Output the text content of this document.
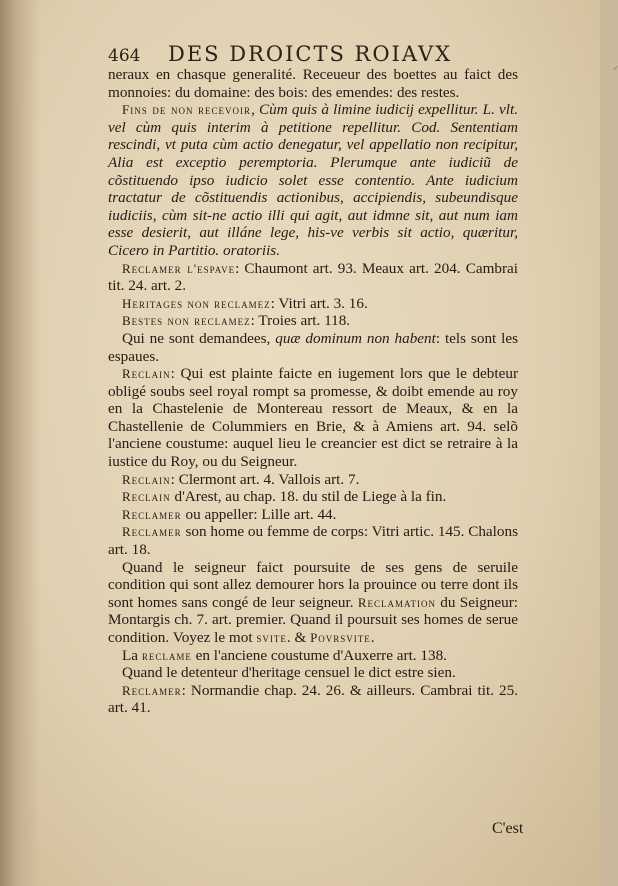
464 DES DROICTS ROIAVX
⸝

neraux en chasque generalité. Receueur des boettes au faict des monnoies: du domaine: des bois: des emendes: des restes.

Fins de non recevoir, Cùm quis à limine iudicij expellitur. L. vlt. vel cùm quis interim à petitione repellitur. Cod. Sententiam rescindi, vt puta cùm actio denegatur, vel appellatio non recipitur, Alia est exceptio peremptoria. Plerumque ante iudiciũ de cõstituendo ipso iudicio solet esse contentio. Ante iudicium tractatur de cõstituendis actionibus, accipiendis, subeundisque iudiciis, cùm sit-ne actio illi qui agit, aut idmne sit, aut num iam esse desierit, aut illáne lege, his-ve verbis sit actio, quæritur, Cicero in Partitio. oratoriis.

Reclamer l'espave: Chaumont art. 93. Meaux art. 204. Cambrai tit. 24. art. 2.

Heritages non reclamez: Vitri art. 3. 16.

Bestes non reclamez: Troies art. 118.

Qui ne sont demandees, quæ dominum non habent: tels sont les espaues.

Reclain: Qui est plainte faicte en iugement lors que le debteur obligé soubs seel royal rompt sa promesse, & doibt emende au roy en la Chastelenie de Montereau ressort de Meaux, & en la Chastellenie de Colummiers en Brie, & à Amiens art. 94. selõ l'anciene coustume: auquel lieu le creancier est dict se retraire à la iustice du Roy, ou du Seigneur.

Reclain: Clermont art. 4. Vallois art. 7.

Reclain d'Arest, au chap. 18. du stil de Liege à la fin.

Reclamer ou appeller: Lille art. 44.

Reclamer son home ou femme de corps: Vitri artic. 145. Chalons art. 18.

Quand le seigneur faict poursuite de ses gens de seruile condition qui sont allez demourer hors la prouince ou terre dont ils sont homes sans congé de leur seigneur. Reclamation du Seigneur: Montargis ch. 7. art. premier. Quand il poursuit ses homes de serue condition. Voyez le mot svite. & Povrsvite.

La reclame en l'anciene coustume d'Auxerre art. 138.

Quand le detenteur d'heritage censuel le dict estre sien.

Reclamer: Normandie chap. 24. 26. & ailleurs. Cambrai tit. 25. art. 41.

C'est
